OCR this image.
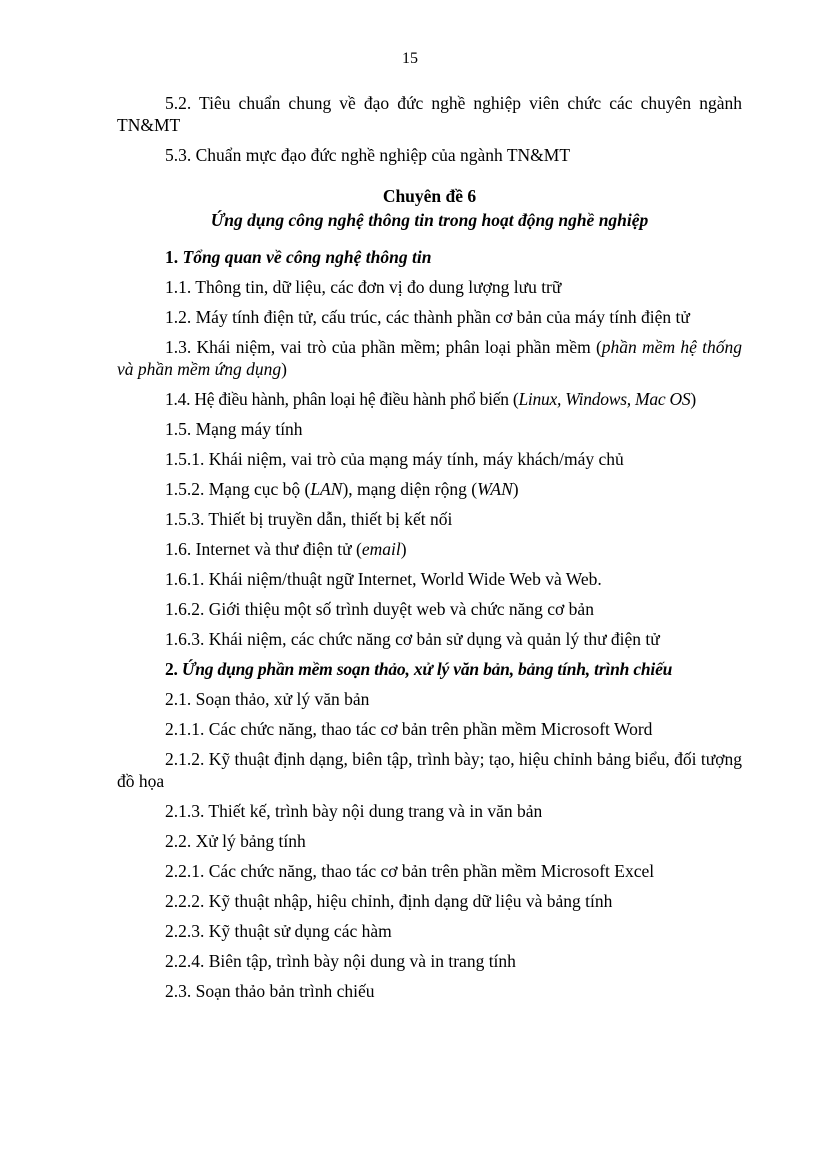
15

5.2. Tiêu chuẩn chung về đạo đức nghề nghiệp viên chức các chuyên ngành TN&MT

5.3. Chuẩn mực đạo đức nghề nghiệp của ngành TN&MT

Chuyên đề 6

Ứng dụng công nghệ thông tin trong hoạt động nghề nghiệp

1. Tổng quan về công nghệ thông tin

1.1. Thông tin, dữ liệu, các đơn vị đo dung lượng lưu trữ

1.2. Máy tính điện tử, cấu trúc, các thành phần cơ bản của máy tính điện tử

1.3. Khái niệm, vai trò của phần mềm; phân loại phần mềm (phần mềm hệ thống và phần mềm ứng dụng)

1.4. Hệ điều hành, phân loại hệ điều hành phổ biến (Linux, Windows, Mac OS)

1.5. Mạng máy tính

1.5.1. Khái niệm, vai trò của mạng máy tính, máy khách/máy chủ

1.5.2. Mạng cục bộ (LAN), mạng diện rộng (WAN)

1.5.3. Thiết bị truyền dẫn, thiết bị kết nối

1.6. Internet và thư điện tử (email)

1.6.1. Khái niệm/thuật ngữ Internet, World Wide Web và Web.

1.6.2. Giới thiệu một số trình duyệt web và chức năng cơ bản

1.6.3. Khái niệm, các chức năng cơ bản sử dụng và quản lý thư điện tử

2. Ứng dụng phần mềm soạn thảo, xử lý văn bản, bảng tính, trình chiếu

2.1. Soạn thảo, xử lý văn bản

2.1.1. Các chức năng, thao tác cơ bản trên phần mềm Microsoft Word

2.1.2. Kỹ thuật định dạng, biên tập, trình bày; tạo, hiệu chỉnh bảng biểu, đối tượng đồ họa

2.1.3. Thiết kế, trình bày nội dung trang và in văn bản

2.2. Xử lý bảng tính

2.2.1. Các chức năng, thao tác cơ bản trên phần mềm Microsoft Excel

2.2.2. Kỹ thuật nhập, hiệu chỉnh, định dạng dữ liệu và bảng tính

2.2.3. Kỹ thuật sử dụng các hàm

2.2.4. Biên tập, trình bày nội dung và in trang tính

2.3. Soạn thảo bản trình chiếu
